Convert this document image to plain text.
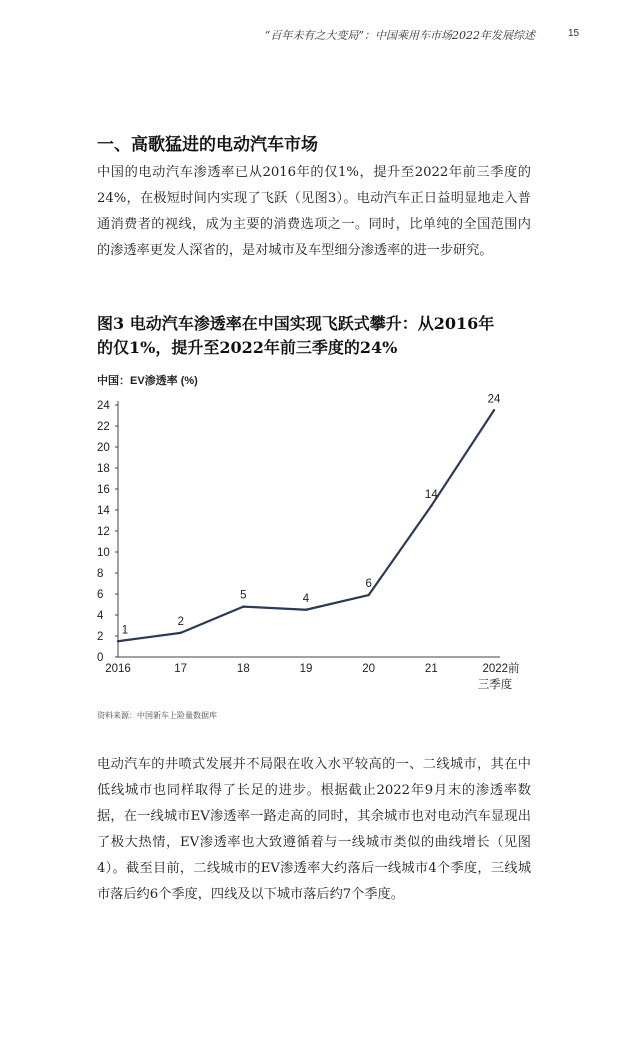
“百年未有之大变局”：中国乘用车市场2022年发展综述	15
一、高歌猛进的电动汽车市场
中国的电动汽车渗透率已从2016年的仅1%，提升至2022年前三季度的24%，在极短时间内实现了飞跃（见图3）。电动汽车正日益明显地走入普通消费者的视线，成为主要的消费选项之一。同时，比单纯的全国范围内的渗透率更发人深省的，是对城市及车型细分渗透率的进一步研究。
图3 电动汽车渗透率在中国实现飞跃式攀升：从2016年
的仅1%，提升至2022年前三季度的24%
中国：EV渗透率 (%)
0
2
4
6
8
10
12
14
16
18
20
22
24
2016	17	18	19	20	21	2022前
三季度
1
2
5	4
6
14
24
资料来源：中国新车上险量数据库
电动汽车的井喷式发展并不局限在收入水平较高的一、二线城市，其在中低线城市也同样取得了长足的进步。根据截止2022年9月末的渗透率数据，在一线城市EV渗透率一路走高的同时，其余城市也对电动汽车显现出了极大热情，EV渗透率也大致遵循着与一线城市类似的曲线增长（见图4）。截至目前，二线城市的EV渗透率大约落后一线城市4个季度，三线城市落后约6个季度，四线及以下城市落后约7个季度。
